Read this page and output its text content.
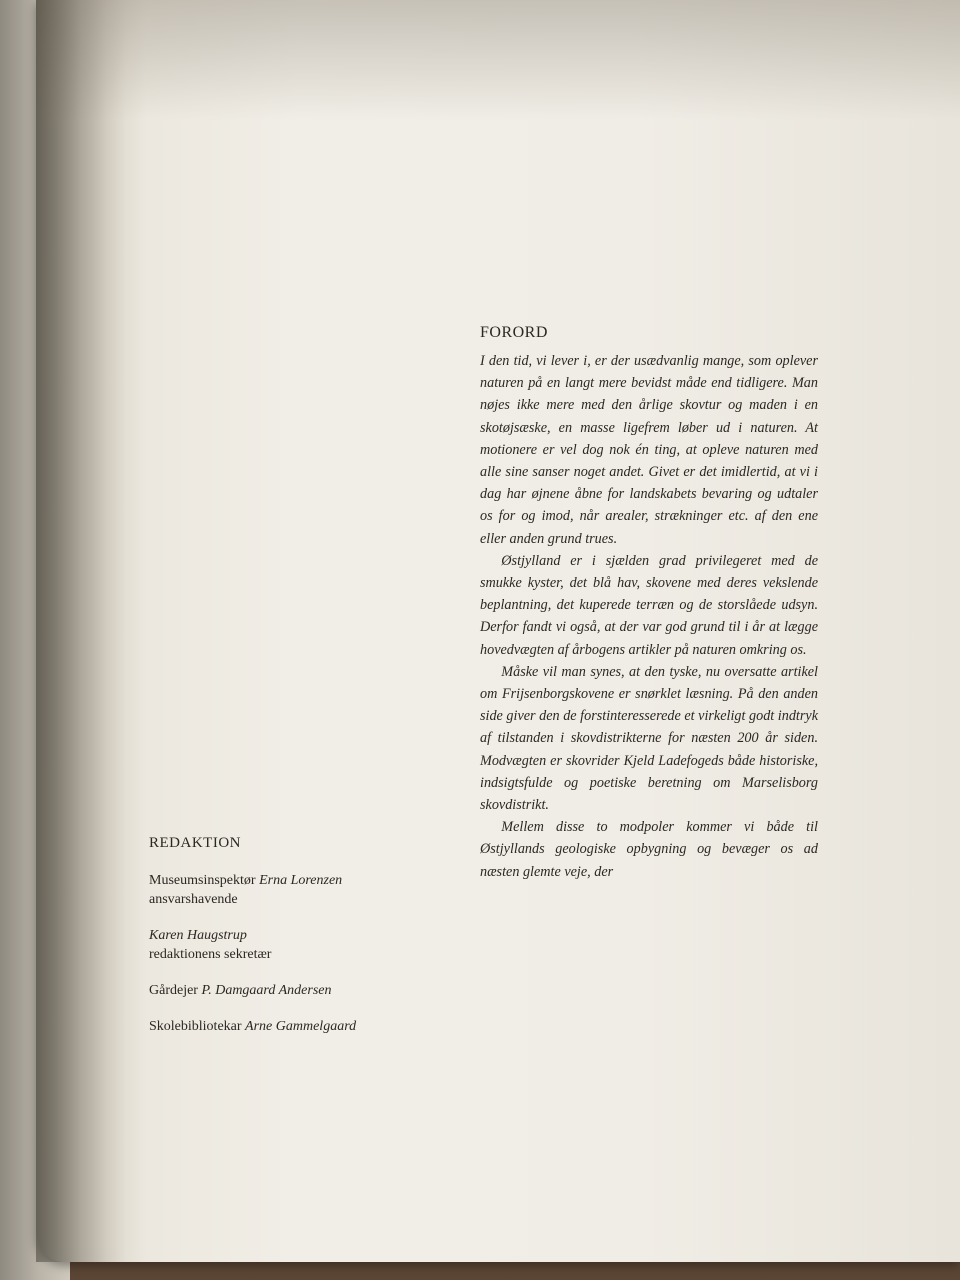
FORORD

I den tid, vi lever i, er der usædvanlig mange, som oplever naturen på en langt mere bevidst måde end tidligere. Man nøjes ikke mere med den årlige skovtur og maden i en skotøjsæske, en masse ligefrem løber ud i naturen. At motionere er vel dog nok én ting, at opleve naturen med alle sine sanser noget andet. Givet er det imidlertid, at vi i dag har øjnene åbne for landskabets bevaring og udtaler os for og imod, når arealer, strækninger etc. af den ene eller anden grund trues.

Østjylland er i sjælden grad privilegeret med de smukke kyster, det blå hav, skovene med deres vekslende beplantning, det kuperede terræn og de storslåede udsyn. Derfor fandt vi også, at der var god grund til i år at lægge hovedvægten af årbogens artikler på naturen omkring os.

Måske vil man synes, at den tyske, nu oversatte artikel om Frijsenborgskovene er snørklet læsning. På den anden side giver den de forstinteresserede et virkeligt godt indtryk af tilstanden i skovdistrikterne for næsten 200 år siden. Modvægten er skovrider Kjeld Ladefogeds både historiske, indsigtsfulde og poetiske beretning om Marselisborg skovdistrikt.

Mellem disse to modpoler kommer vi både til Østjyllands geologiske opbygning og bevæger os ad næsten glemte veje, der

REDAKTION
Museumsinspektør Erna Lorenzen
ansvarshavende
Karen Haugstrup
redaktionens sekretær
Gårdejer P. Damgaard Andersen
Skolebibliotekar Arne Gammelgaard
